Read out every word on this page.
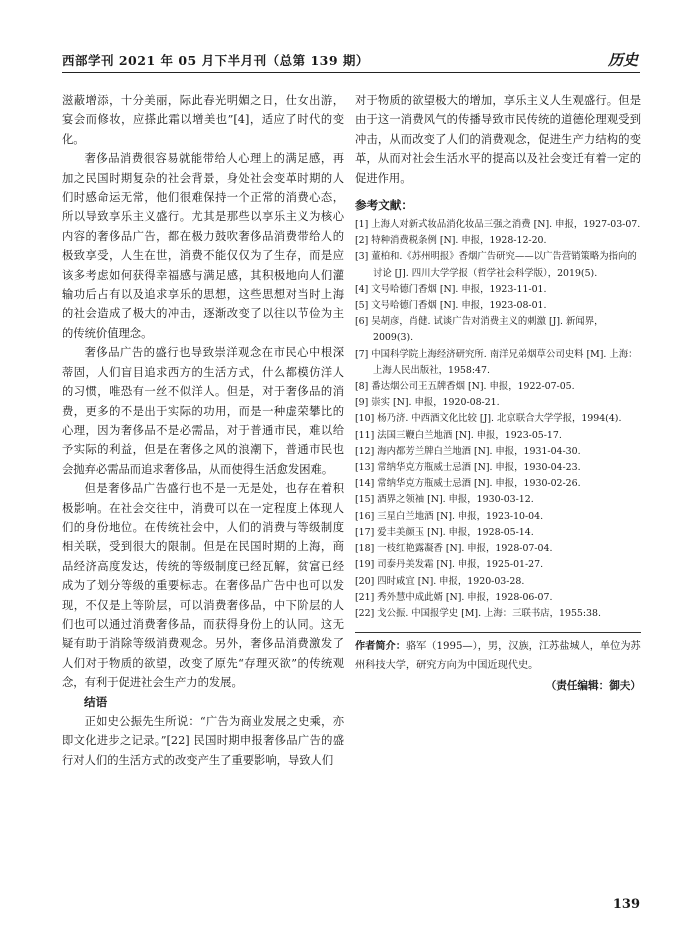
西部学刊 2021 年 05 月下半月刊（总第 139 期）	历史

滋蔽增添，十分美丽，际此春光明媚之日，仕女出游，宴会而修妆，应搽此霜以增美也”[4]，适应了时代的变化。

奢侈品消费很容易就能带给人心理上的满足感，再加之民国时期复杂的社会背景，身处社会变革时期的人们时感命运无常，他们很难保持一个正常的消费心态，所以导致享乐主义盛行。尤其是那些以享乐主义为核心内容的奢侈品广告，都在极力鼓吹奢侈品消费带给人的极致享受，人生在世，消费不能仅仅为了生存，而是应该多考虑如何获得幸福感与满足感，其积极地向人们灌输功后占有以及追求享乐的思想，这些思想对当时上海的社会造成了极大的冲击，逐渐改变了以往以节俭为主的传统价值理念。

奢侈品广告的盛行也导致崇洋观念在市民心中根深蒂固，人们盲目追求西方的生活方式，什么都模仿洋人的习惯，唯恐有一丝不似洋人。但是，对于奢侈品的消费，更多的不是出于实际的功用，而是一种虚荣攀比的心理，因为奢侈品不是必需品，对于普通市民，难以给予实际的利益，但是在奢侈之风的浪潮下，普通市民也会抛弃必需品而追求奢侈品，从而使得生活愈发困难。

但是奢侈品广告盛行也不是一无是处，也存在着积极影响。在社会交往中，消费可以在一定程度上体现人们的身份地位。在传统社会中，人们的消费与等级制度相关联，受到很大的限制。但是在民国时期的上海，商品经济高度发达，传统的等级制度已经瓦解，贫富已经成为了划分等级的重要标志。在奢侈品广告中也可以发现，不仅是上等阶层，可以消费奢侈品，中下阶层的人们也可以通过消费奢侈品，而获得身份上的认同。这无疑有助于消除等级消费观念。另外，奢侈品消费激发了人们对于物质的欲望，改变了原先“存理灭欲”的传统观念，有利于促进社会生产力的发展。

结语

正如史公振先生所说：“广告为商业发展之史乘，亦即文化进步之记录。”[22] 民国时期申报奢侈品广告的盛行对人们的生活方式的改变产生了重要影响，导致人们

对于物质的欲望极大的增加，享乐主义人生观盛行。但是由于这一消费风气的传播导致市民传统的道德伦理观受到冲击，从而改变了人们的消费观念，促进生产力结构的变革，从而对社会生活水平的提高以及社会变迁有着一定的促进作用。

参考文献：
[1] 上海人对新式妆品消化妆品三强之消费 [N]. 申报，1927-03-07.
[2] 特种消费税条例 [N]. 申报，1928-12-20.
[3] 董柏和.《苏州明报》香烟广告研究——以广告营销策略为指向的讨论 [J]. 四川大学学报（哲学社会科学版），2019(5).
[4] 文号哈德门香烟 [N]. 申报，1923-11-01.
[5] 文号哈德门香烟 [N]. 申报，1923-08-01.
[6] 吴胡彦，肖健. 试谈广告对消费主义的刺激 [J]. 新闻界，2009(3).
[7] 中国科学院上海经济研究所. 南洋兄弟烟草公司史料 [M]. 上海：上海人民出版社，1958:47.
[8] 番达烟公司王五牌香烟 [N]. 申报，1922-07-05.
[9] 崇实 [N]. 申报，1920-08-21.
[10] 杨乃济. 中西酒文化比较 [J]. 北京联合大学学报，1994(4).
[11] 法国三鞭白兰地酒 [N]. 申报，1923-05-17.
[12] 海内都芳兰牌白兰地酒 [N]. 申报，1931-04-30.
[13] 常纳华克方瓶威士忌酒 [N]. 申报，1930-04-23.
[14] 常纳华克方瓶威士忌酒 [N]. 申报，1930-02-26.
[15] 酒界之领袖 [N]. 申报，1930-03-12.
[16] 三星白兰地酒 [N]. 申报，1923-10-04.
[17] 爱丰美颜玉 [N]. 申报，1928-05-14.
[18] 一枝红艳露凝香 [N]. 申报，1928-07-04.
[19] 司泰丹美发霜 [N]. 申报，1925-01-27.
[20] 四时咸宜 [N]. 申报，1920-03-28.
[21] 秀外慧中成此婿 [N]. 申报，1928-06-07.
[22] 戈公振. 中国报学史 [M]. 上海：三联书店，1955:38.
作者简介：骆军（1995—），男，汉族，江苏盐城人，单位为苏州科技大学，研究方向为中国近现代史。
（责任编辑：御夫）
139
